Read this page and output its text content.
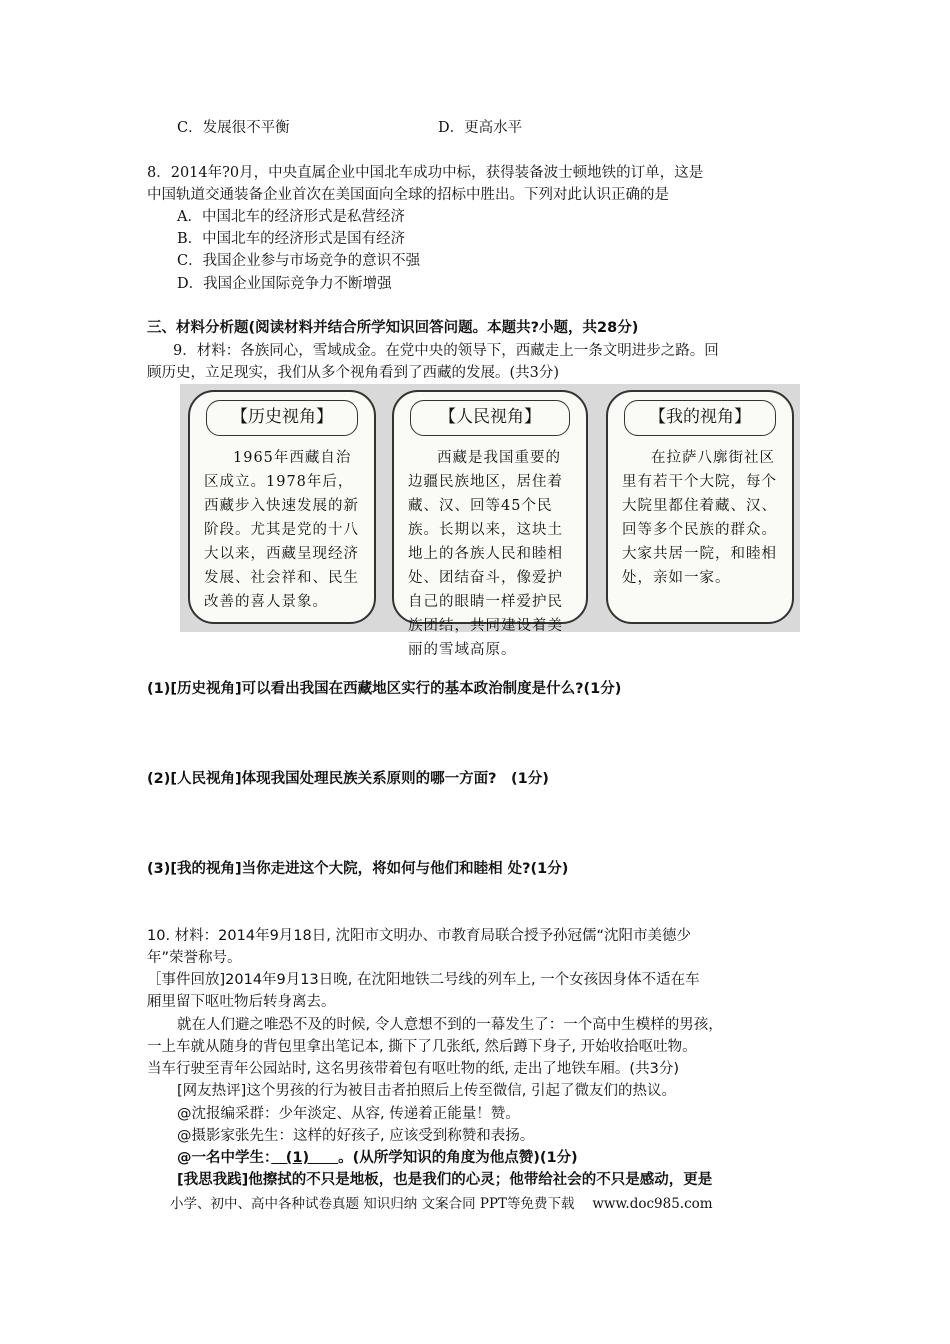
C．发展很不平衡	D．更高水平
8．2014年?0月，中央直属企业中国北车成功中标，获得装备波士顿地铁的订单，这是
中国轨道交通装备企业首次在美国面向全球的招标中胜出。下列对此认识正确的是
A．中国北车的经济形式是私营经济
B．中国北车的经济形式是国有经济
C．我国企业参与市场竞争的意识不强
D．我国企业国际竞争力不断增强
三、材料分析题(阅读材料并结合所学知识回答问题。本题共?小题，共28分)
9．材料：各族同心，雪域成金。在党中央的领导下，西藏走上一条文明进步之路。回
顾历史，立足现实，我们从多个视角看到了西藏的发展。(共3分)
【历史视角】
1965年西藏自治区成立。1978年后，西藏步入快速发展的新阶段。尤其是党的十八大以来，西藏呈现经济发展、社会祥和、民生改善的喜人景象。
【人民视角】
西藏是我国重要的边疆民族地区，居住着藏、汉、回等45个民族。长期以来，这块土地上的各族人民和睦相处、团结奋斗，像爱护自己的眼睛一样爱护民族团结，共同建设着美丽的雪域高原。
【我的视角】
在拉萨八廓街社区里有若干个大院，每个大院里都住着藏、汉、回等多个民族的群众。大家共居一院，和睦相处，亲如一家。
(1)[历史视角]可以看出我国在西藏地区实行的基本政治制度是什么?(1分)
(2)[人民视角]体现我国处理民族关系原则的哪一方面?　(1分)
(3)[我的视角]当你走进这个大院，将如何与他们和睦相 处?(1分)
10. 材料：2014年9月18日, 沈阳市文明办、市教育局联合授予孙冠儒“沈阳市美德少
年”荣誉称号。
［事件回放]2014年9月13日晚, 在沈阳地铁二号线的列车上, 一个女孩因身体不适在车
厢里留下呕吐物后转身离去。
就在人们避之唯恐不及的时候, 令人意想不到的一幕发生了：一个高中生模样的男孩，
一上车就从随身的背包里拿出笔记本, 撕下了几张纸, 然后蹲下身子, 开始收拾呕吐物。
当车行驶至青年公园站时, 这名男孩带着包有呕吐物的纸, 走出了地铁车厢。(共3分)
[网友热评]这个男孩的行为被目击者拍照后上传至微信, 引起了微友们的热议。
@沈报编采群：少年淡定、从容, 传递着正能量！赞。
@摄影家张先生：这样的好孩子, 应该受到称赞和表扬。
@一名中学生：　(1)　　。(从所学知识的角度为他点赞)(1分)
[我思我践]他擦拭的不只是地板，也是我们的心灵；他带给社会的不只是感动，更是
小学、初中、高中各种试卷真题 知识归纳 文案合同 PPT等免费下载　 www.doc985.com
